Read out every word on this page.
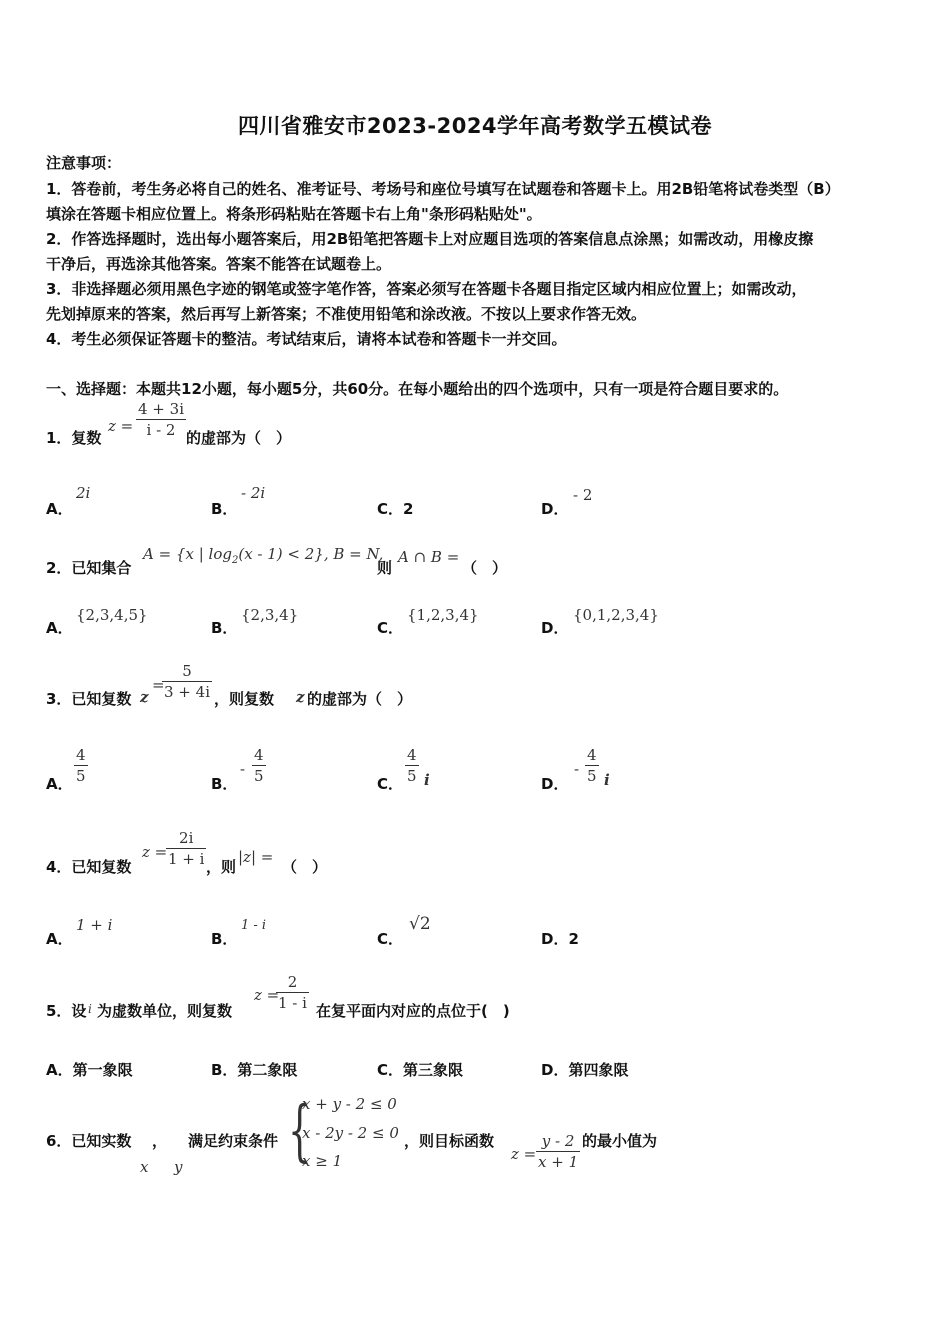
四川省雅安市2023-2024学年高考数学五模试卷
注意事项：
1．答卷前，考生务必将自己的姓名、准考证号、考场号和座位号填写在试题卷和答题卡上。用2B铅笔将试卷类型（B）
填涂在答题卡相应位置上。将条形码粘贴在答题卡右上角"条形码粘贴处"。
2．作答选择题时，选出每小题答案后，用2B铅笔把答题卡上对应题目选项的答案信息点涂黑；如需改动，用橡皮擦
干净后，再选涂其他答案。答案不能答在试题卷上。
3．非选择题必须用黑色字迹的钢笔或签字笔作答，答案必须写在答题卡各题目指定区域内相应位置上；如需改动，
先划掉原来的答案，然后再写上新答案；不准使用铅笔和涂改液。不按以上要求作答无效。
4．考生必须保证答题卡的整洁。考试结束后，请将本试卷和答题卡一并交回。
一、选择题：本题共12小题，每小题5分，共60分。在每小题给出的四个选项中，只有一项是符合题目要求的。
1．复数
z =
4 + 3i
i - 2 的虚部为（　）
A．
2i
B．
- 2i
C．2	D．
- 2
2．已知集合
A = {x | $\log_2(x - 1) < 2$}, B = N,
则
A ∩ B =
（　）
A．
{2,3,4,5}
B．
{2,3,4}
C．
{1,2,3,4}
D．
{0,1,2,3,4}
3．已知复数 z
=
5
3 + 4i ，则复数 z 的虚部为（　）
A．
4
5	B．
-
4
5	C．
4
5 i	D．
-
4
5 i
4．已知复数
z =
2i
1 + i ，则
|z| =
（　）
A．
1 + i
B．
1 - i
C．
√2
D．2
5．设 i 为虚数单位，则复数
z =
2
1 - i 在复平面内对应的点位于(　)
A．第一象限	B．第二象限	C．第三象限	D．第四象限
6．已知实数 ， 满足约束条件
x y {
x + y - 2 ≤ 0
x - 2y - 2 ≤ 0
x ≥ 1
，则目标函数
z =
y - 2
x + 1
的最小值为
